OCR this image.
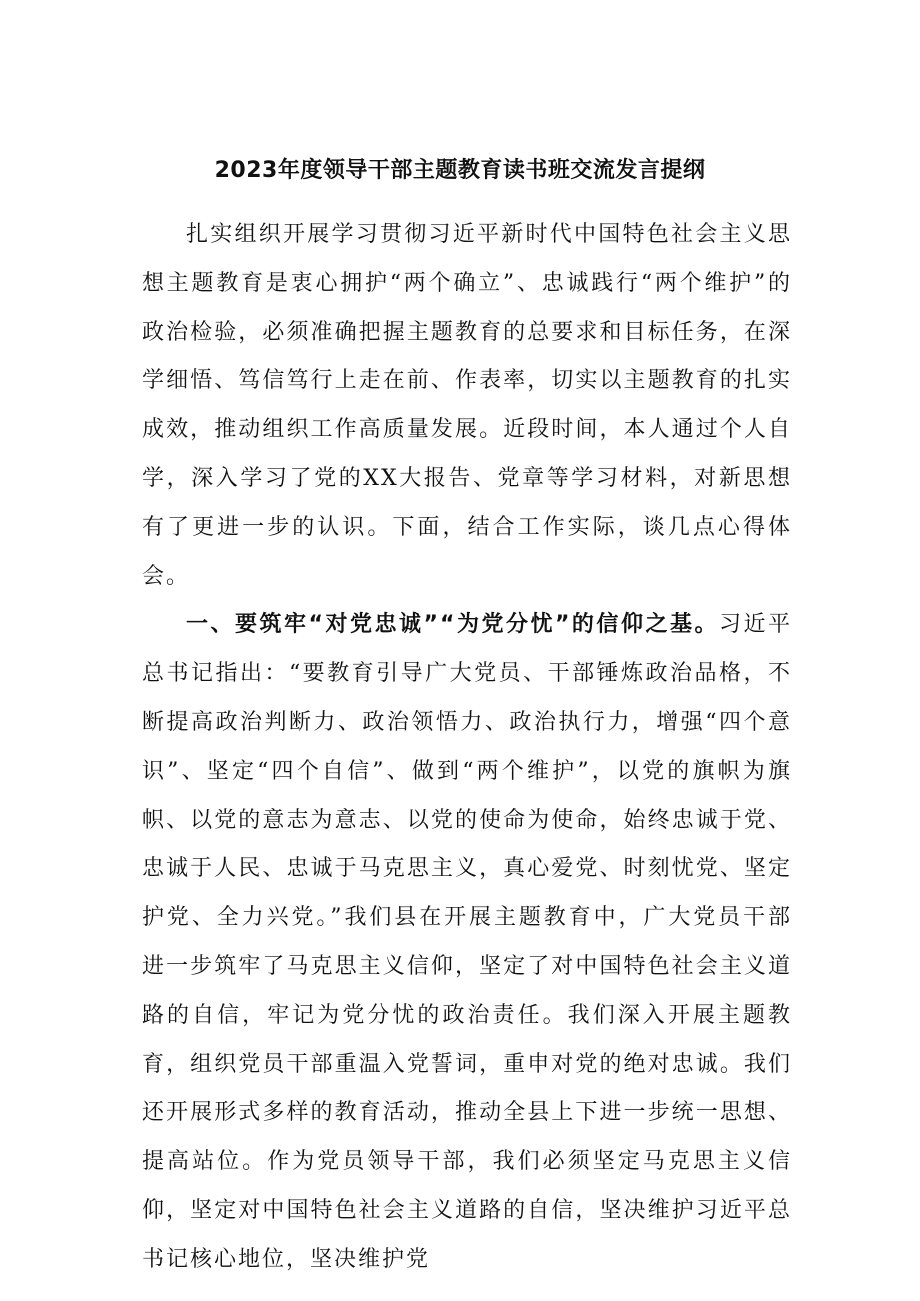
2023年度领导干部主题教育读书班交流发言提纲

扎实组织开展学习贯彻习近平新时代中国特色社会主义思想主题教育是衷心拥护“两个确立”、忠诚践行“两个维护”的政治检验，必须准确把握主题教育的总要求和目标任务，在深学细悟、笃信笃行上走在前、作表率，切实以主题教育的扎实成效，推动组织工作高质量发展。近段时间，本人通过个人自学，深入学习了党的XX大报告、党章等学习材料，对新思想有了更进一步的认识。下面，结合工作实际，谈几点心得体会。

一、要筑牢“对党忠诚”“为党分忧”的信仰之基。习近平总书记指出：“要教育引导广大党员、干部锤炼政治品格，不断提高政治判断力、政治领悟力、政治执行力，增强“四个意识”、坚定“四个自信”、做到“两个维护”，以党的旗帜为旗帜、以党的意志为意志、以党的使命为使命，始终忠诚于党、忠诚于人民、忠诚于马克思主义，真心爱党、时刻忧党、坚定护党、全力兴党。”我们县在开展主题教育中，广大党员干部进一步筑牢了马克思主义信仰，坚定了对中国特色社会主义道路的自信，牢记为党分忧的政治责任。我们深入开展主题教育，组织党员干部重温入党誓词，重申对党的绝对忠诚。我们还开展形式多样的教育活动，推动全县上下进一步统一思想、提高站位。作为党员领导干部，我们必须坚定马克思主义信仰，坚定对中国特色社会主义道路的自信，坚决维护习近平总书记核心地位，坚决维护党
